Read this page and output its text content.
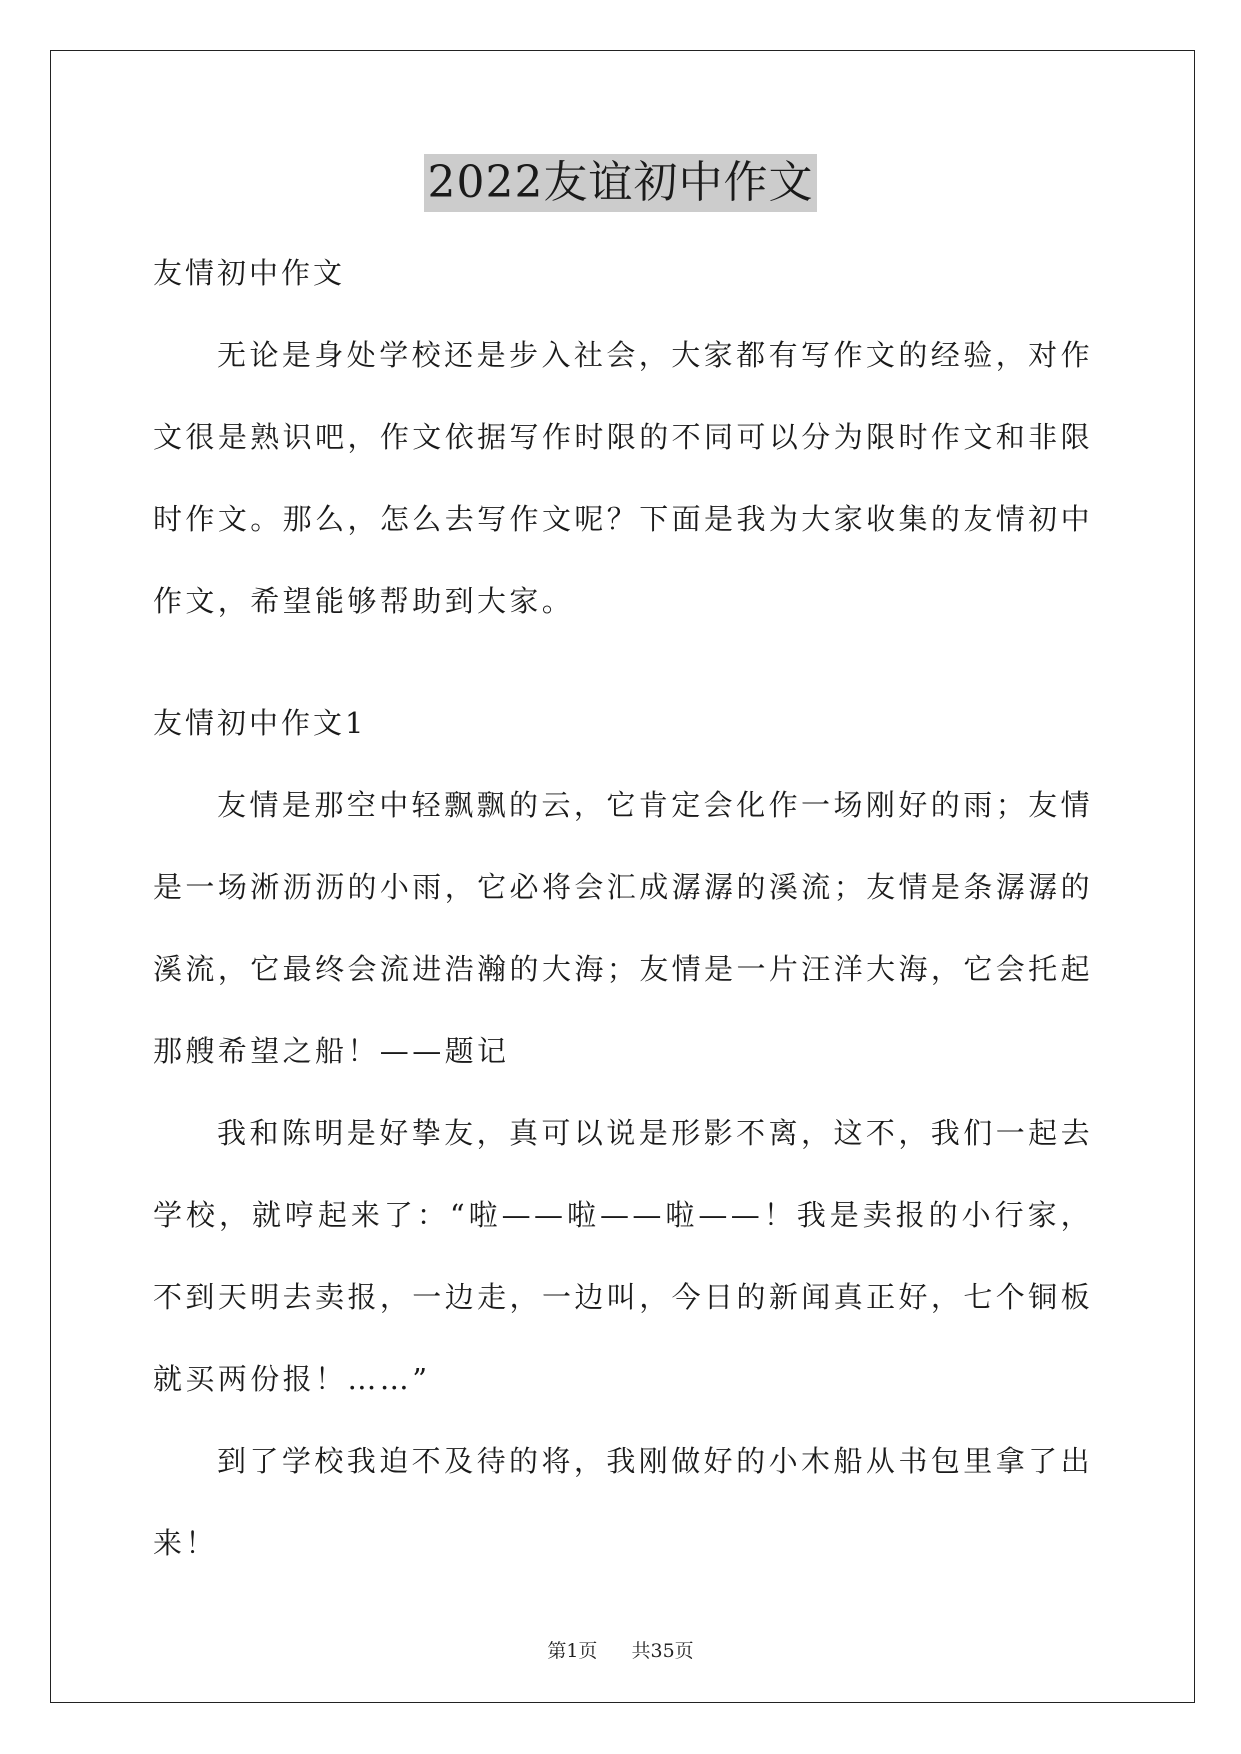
2022友谊初中作文

友情初中作文

无论是身处学校还是步入社会，大家都有写作文的经验，对作文很是熟识吧，作文依据写作时限的不同可以分为限时作文和非限时作文。那么，怎么去写作文呢？下面是我为大家收集的友情初中作文，希望能够帮助到大家。

友情初中作文1

友情是那空中轻飘飘的云，它肯定会化作一场刚好的雨；友情是一场淅沥沥的小雨，它必将会汇成潺潺的溪流；友情是条潺潺的溪流，它最终会流进浩瀚的大海；友情是一片汪洋大海，它会托起那艘希望之船！——题记

我和陈明是好挚友，真可以说是形影不离，这不，我们一起去学校，就哼起来了：“啦——啦——啦——！我是卖报的小行家，不到天明去卖报，一边走，一边叫，今日的新闻真正好，七个铜板就买两份报！……”

到了学校我迫不及待的将，我刚做好的小木船从书包里拿了出来！

第1页 共35页
